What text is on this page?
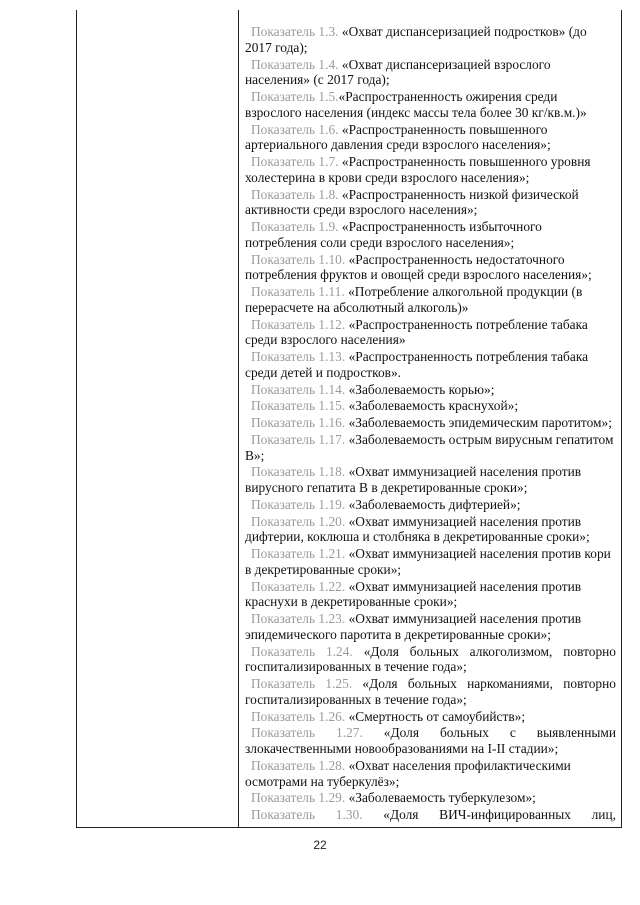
Показатель 1.3. «Охват диспансеризацией подростков» (до 2017 года);
Показатель 1.4. «Охват диспансеризацией взрослого населения» (с 2017 года);
Показатель 1.5.«Распространенность ожирения среди взрослого населения (индекс массы тела более 30 кг/кв.м.)»
Показатель 1.6. «Распространенность повышенного артериального давления среди взрослого населения»;
Показатель 1.7. «Распространенность повышенного уровня холестерина в крови среди взрослого населения»;
Показатель 1.8. «Распространенность низкой физической активности среди взрослого населения»;
Показатель 1.9. «Распространенность избыточного потребления соли среди взрослого населения»;
Показатель 1.10. «Распространенность недостаточного потребления фруктов и овощей среди взрослого населения»;
Показатель 1.11. «Потребление алкогольной продукции (в перерасчете на абсолютный алкоголь)»
Показатель 1.12. «Распространенность потребление табака среди взрослого населения»
Показатель 1.13. «Распространенность потребления табака среди детей и подростков».
Показатель 1.14. «Заболеваемость корью»;
Показатель 1.15. «Заболеваемость краснухой»;
Показатель 1.16. «Заболеваемость эпидемическим паротитом»;
Показатель 1.17. «Заболеваемость острым вирусным гепатитом В»;
Показатель 1.18. «Охват иммунизацией населения против вирусного гепатита В в декретированные сроки»;
Показатель 1.19. «Заболеваемость дифтерией»;
Показатель 1.20. «Охват иммунизацией населения против дифтерии, коклюша и столбняка в декретированные сроки»;
Показатель 1.21. «Охват иммунизацией населения против кори в декретированные сроки»;
Показатель 1.22. «Охват иммунизацией населения против краснухи в декретированные сроки»;
Показатель 1.23. «Охват иммунизацией населения против эпидемического паротита в декретированные сроки»;
Показатель 1.24. «Доля больных алкоголизмом, повторно госпитализированных в течение года»;
Показатель 1.25. «Доля больных наркоманиями, повторно госпитализированных в течение года»;
Показатель 1.26. «Смертность от самоубийств»;
Показатель 1.27. «Доля больных с выявленными злокачественными новообразованиями на I-II стадии»;
Показатель 1.28. «Охват населения профилактическими осмотрами на туберкулёз»;
Показатель 1.29. «Заболеваемость туберкулезом»;
Показатель 1.30. «Доля ВИЧ-инфицированных лиц,
22
